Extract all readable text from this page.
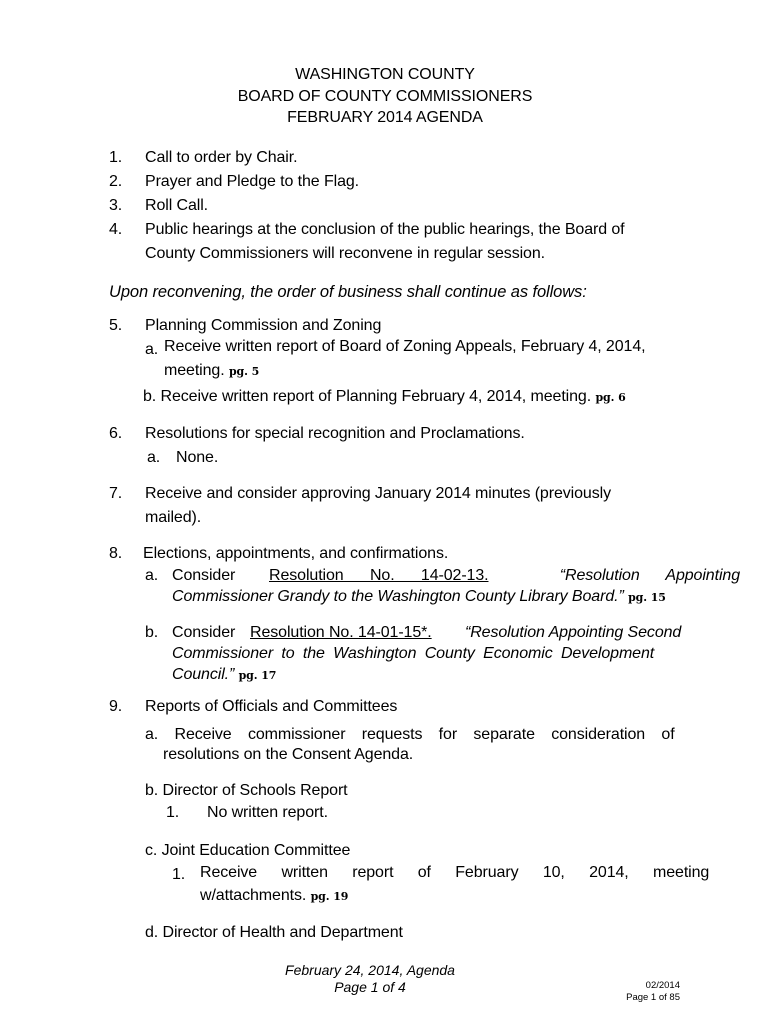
WASHINGTON COUNTY
BOARD OF COUNTY COMMISSIONERS
FEBRUARY 2014 AGENDA
1. Call to order by Chair.
2. Prayer and Pledge to the Flag.
3. Roll Call.
4. Public hearings at the conclusion of the public hearings, the Board of
County Commissioners will reconvene in regular session.
Upon reconvening, the order of business shall continue as follows:
5. Planning Commission and Zoning
a. Receive written report of Board of Zoning Appeals, February 4, 2014,
meeting. pg. 5
b. Receive written report of Planning February 4, 2014, meeting. pg. 6
6. Resolutions for special recognition and Proclamations.
a. None.
7. Receive and consider approving January 2014 minutes (previously
mailed).
8. Elections, appointments, and confirmations.
a. Consider Resolution No. 14-02-13.	“Resolution Appointing
Commissioner Grandy to the Washington County Library Board.” pg. 15
b. Consider Resolution No. 14-01-15*. “Resolution Appointing Second
Commissioner to the Washington County Economic Development
Council.” pg. 17
9. Reports of Officials and Committees
a. Receive commissioner requests for separate consideration of
resolutions on the Consent Agenda.
b. Director of Schools Report
1. No written report.
c. Joint Education Committee
1. Receive written report of February 10, 2014, meeting
w/attachments. pg. 19
d. Director of Health and Department
February 24, 2014, Agenda
Page 1 of 4	02/2014
Page 1 of 85
